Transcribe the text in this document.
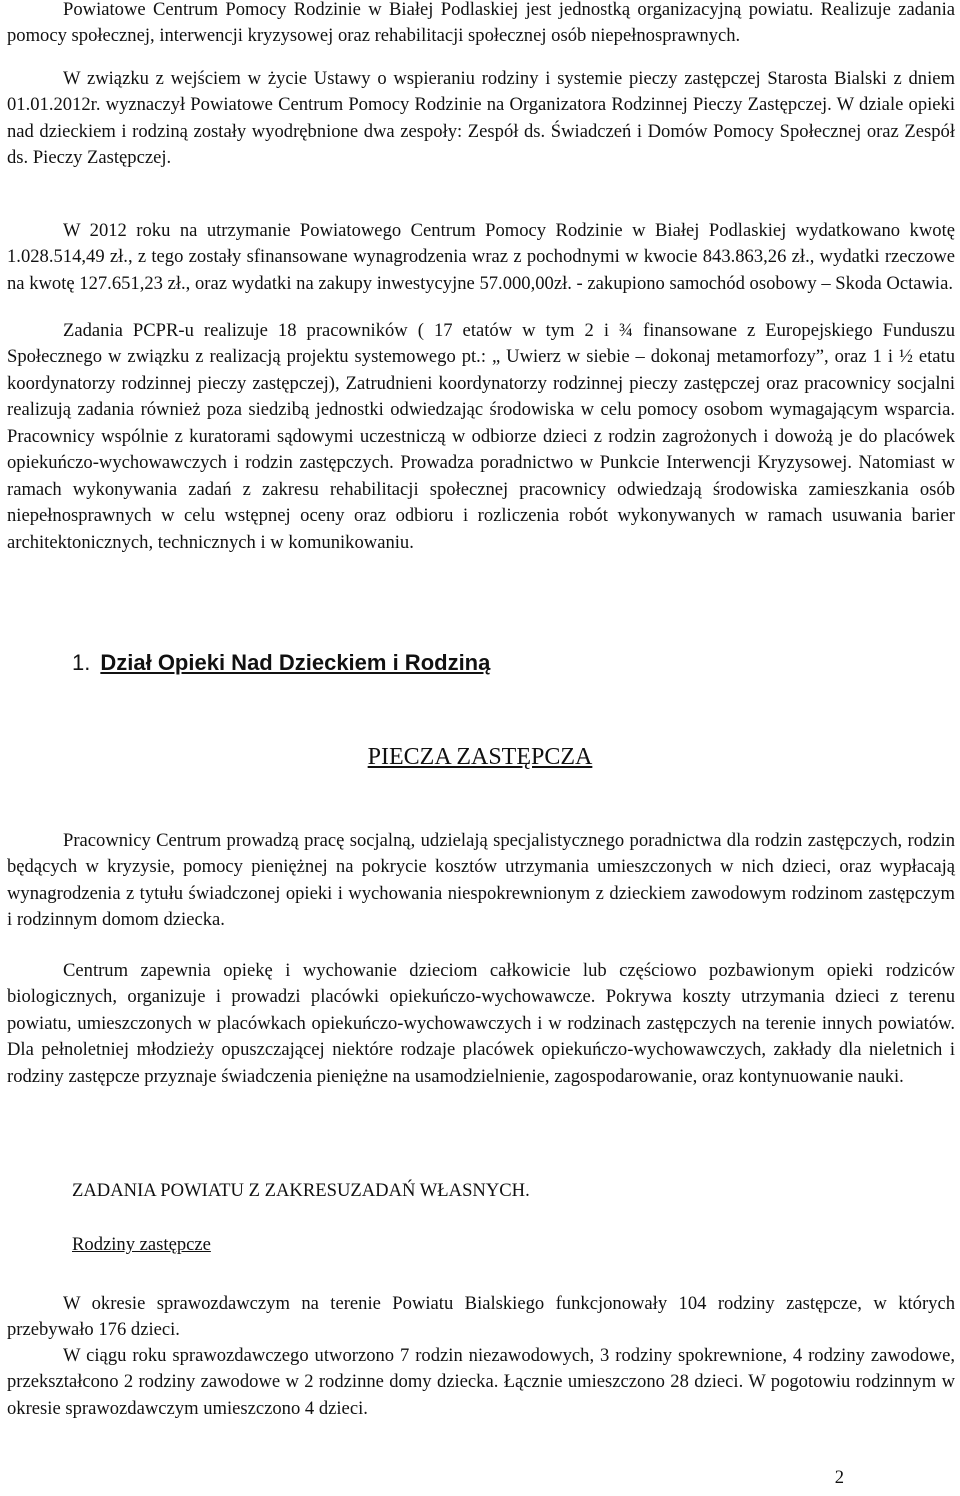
Powiatowe Centrum Pomocy Rodzinie w Białej Podlaskiej jest jednostką organizacyjną powiatu. Realizuje zadania pomocy społecznej, interwencji kryzysowej oraz rehabilitacji społecznej osób niepełnosprawnych.

W związku z wejściem w życie Ustawy o wspieraniu rodziny i systemie pieczy zastępczej Starosta Bialski z dniem 01.01.2012r. wyznaczył Powiatowe Centrum Pomocy Rodzinie na Organizatora Rodzinnej Pieczy Zastępczej. W dziale opieki nad dzieckiem i rodziną zostały wyodrębnione dwa zespoły: Zespół ds. Świadczeń i Domów Pomocy Społecznej oraz Zespół ds. Pieczy Zastępczej.

W 2012 roku na utrzymanie Powiatowego Centrum Pomocy Rodzinie w Białej Podlaskiej wydatkowano kwotę 1.028.514,49 zł., z tego zostały sfinansowane wynagrodzenia wraz z pochodnymi w kwocie 843.863,26 zł., wydatki rzeczowe na kwotę 127.651,23 zł., oraz wydatki na zakupy inwestycyjne 57.000,00zł. - zakupiono samochód osobowy – Skoda Octawia.

Zadania PCPR-u realizuje 18 pracowników ( 17 etatów w tym 2 i ¾ finansowane z Europejskiego Funduszu Społecznego w związku z realizacją projektu systemowego pt.: „ Uwierz w siebie – dokonaj metamorfozy”, oraz 1 i ½ etatu koordynatorzy rodzinnej pieczy zastępczej), Zatrudnieni koordynatorzy rodzinnej pieczy zastępczej oraz pracownicy socjalni realizują zadania również poza siedzibą jednostki odwiedzając środowiska w celu pomocy osobom wymagającym wsparcia. Pracownicy wspólnie z kuratorami sądowymi uczestniczą w odbiorze dzieci z rodzin zagrożonych i dowożą je do placówek opiekuńczo-wychowawczych i rodzin zastępczych. Prowadza poradnictwo w Punkcie Interwencji Kryzysowej. Natomiast w ramach wykonywania zadań z zakresu rehabilitacji społecznej pracownicy odwiedzają środowiska zamieszkania osób niepełnosprawnych w celu wstępnej oceny oraz odbioru i rozliczenia robót wykonywanych w ramach usuwania barier architektonicznych, technicznych i w komunikowaniu.

1. Dział Opieki Nad Dzieckiem i Rodziną
PIECZA ZASTĘPCZA

Pracownicy Centrum prowadzą pracę socjalną, udzielają specjalistycznego poradnictwa dla rodzin zastępczych, rodzin będących w kryzysie, pomocy pieniężnej na pokrycie kosztów utrzymania umieszczonych w nich dzieci, oraz wypłacają wynagrodzenia z tytułu świadczonej opieki i wychowania niespokrewnionym z dzieckiem zawodowym rodzinom zastępczym i rodzinnym domom dziecka.

Centrum zapewnia opiekę i wychowanie dzieciom całkowicie lub częściowo pozbawionym opieki rodziców biologicznych, organizuje i prowadzi placówki opiekuńczo-wychowawcze. Pokrywa koszty utrzymania dzieci z terenu powiatu, umieszczonych w placówkach opiekuńczo-wychowawczych i w rodzinach zastępczych na terenie innych powiatów. Dla pełnoletniej młodzieży opuszczającej niektóre rodzaje placówek opiekuńczo-wychowawczych, zakłady dla nieletnich i rodziny zastępcze przyznaje świadczenia pieniężne na usamodzielnienie, zagospodarowanie, oraz kontynuowanie nauki.

ZADANIA POWIATU Z ZAKRESUZADAŃ WŁASNYCH.
Rodziny zastępcze

W okresie sprawozdawczym na terenie Powiatu Bialskiego funkcjonowały 104 rodziny zastępcze, w których przebywało 176 dzieci.

W ciągu roku sprawozdawczego utworzono 7 rodzin niezawodowych, 3 rodziny spokrewnione, 4 rodziny zawodowe, przekształcono 2 rodziny zawodowe w 2 rodzinne domy dziecka. Łącznie umieszczono 28 dzieci. W pogotowiu rodzinnym w okresie sprawozdawczym umieszczono 4 dzieci.

2
